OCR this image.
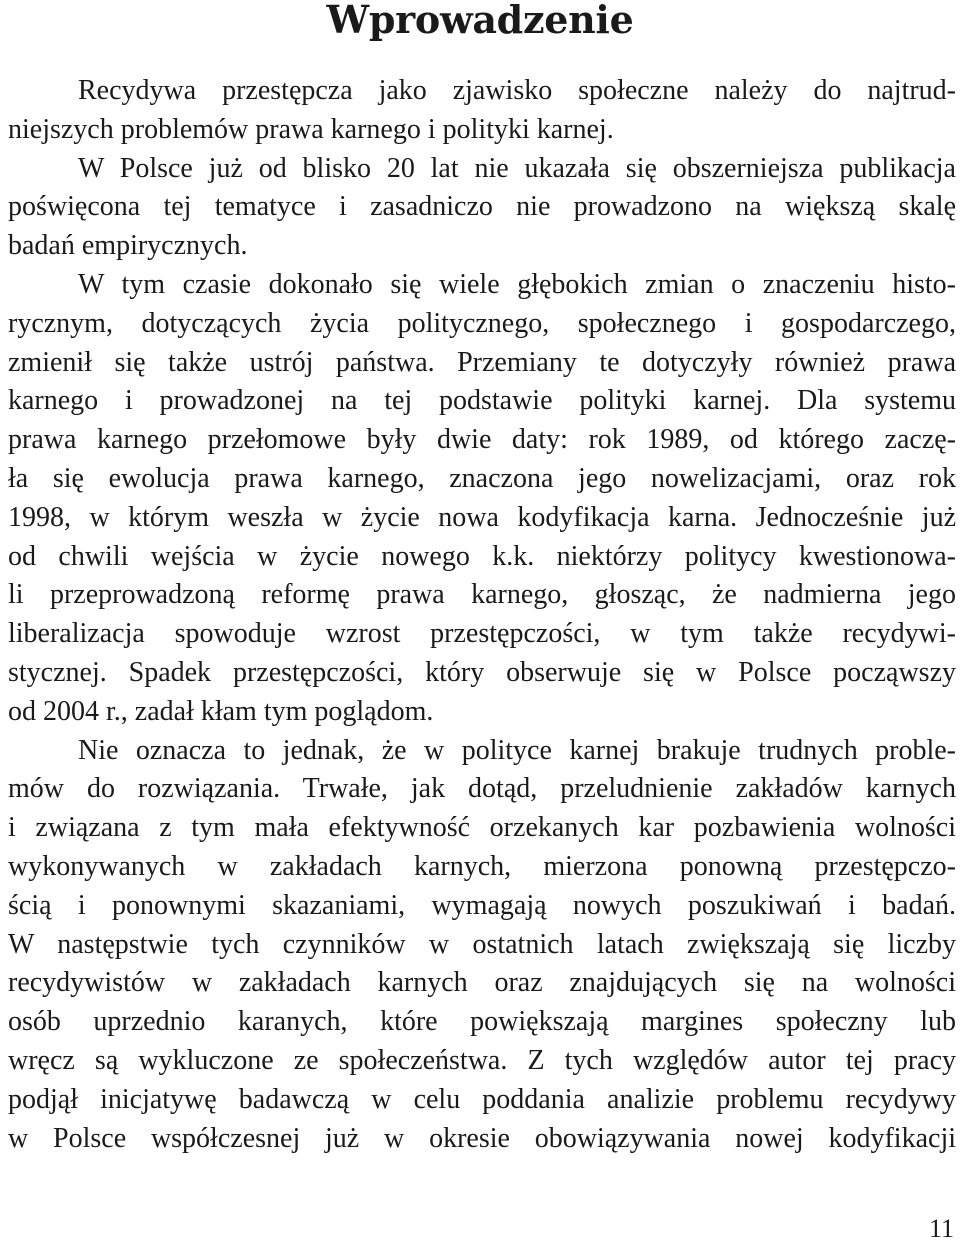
Wprowadzenie
Recydywa przestępcza jako zjawisko społeczne należy do najtrud-
niejszych problemów prawa karnego i polityki karnej.
W Polsce już od blisko 20 lat nie ukazała się obszerniejsza publikacja
poświęcona tej tematyce i zasadniczo nie prowadzono na większą skalę
badań empirycznych.
W tym czasie dokonało się wiele głębokich zmian o znaczeniu histo-
rycznym, dotyczących życia politycznego, społecznego i gospodarczego,
zmienił się także ustrój państwa. Przemiany te dotyczyły również prawa
karnego i prowadzonej na tej podstawie polityki karnej. Dla systemu
prawa karnego przełomowe były dwie daty: rok 1989, od którego zaczę-
ła się ewolucja prawa karnego, znaczona jego nowelizacjami, oraz rok
1998, w którym weszła w życie nowa kodyfikacja karna. Jednocześnie już
od chwili wejścia w życie nowego k.k. niektórzy politycy kwestionowa-
li przeprowadzoną reformę prawa karnego, głosząc, że nadmierna jego
liberalizacja spowoduje wzrost przestępczości, w tym także recydywi-
stycznej. Spadek przestępczości, który obserwuje się w Polsce począwszy
od 2004 r., zadał kłam tym poglądom.
Nie oznacza to jednak, że w polityce karnej brakuje trudnych proble-
mów do rozwiązania. Trwałe, jak dotąd, przeludnienie zakładów karnych
i związana z tym mała efektywność orzekanych kar pozbawienia wolności
wykonywanych w zakładach karnych, mierzona ponowną przestępczo-
ścią i ponownymi skazaniami, wymagają nowych poszukiwań i badań.
W następstwie tych czynników w ostatnich latach zwiększają się liczby
recydywistów w zakładach karnych oraz znajdujących się na wolności
osób uprzednio karanych, które powiększają margines społeczny lub
wręcz są wykluczone ze społeczeństwa. Z tych względów autor tej pracy
podjął inicjatywę badawczą w celu poddania analizie problemu recydywy
w Polsce współczesnej już w okresie obowiązywania nowej kodyfikacji
11
